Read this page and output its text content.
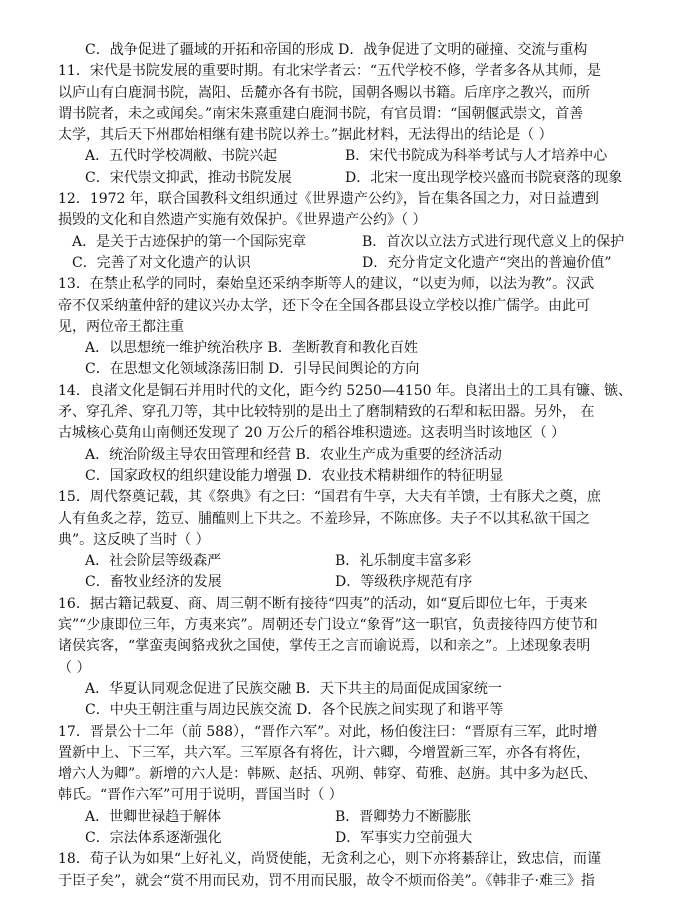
C．战争促进了疆域的开拓和帝国的形成 D．战争促进了文明的碰撞、交流与重构
11．宋代是书院发展的重要时期。有北宋学者云：“五代学校不修，学者多各从其师，是
以庐山有白鹿洞书院，嵩阳、岳麓亦各有书院，国朝各赐以书籍。后庠序之教兴，而所
谓书院者，未之或闻矣。”南宋朱熹重建白鹿洞书院，有官员谓：“国朝偃武崇文，首善
太学，其后天下州郡始相继有建书院以养士。”据此材料，无法得出的结论是（ ）
A．五代时学校凋敝、书院兴起	B．宋代书院成为科举考试与人才培养中心
C．宋代崇文抑武，推动书院发展	D．北宋一度出现学校兴盛而书院衰落的现象
12．1972 年，联合国教科文组织通过《世界遗产公约》，旨在集各国之力，对日益遭到
损毁的文化和自然遗产实施有效保护。《世界遗产公约》（ ）
A．是关于古迹保护的第一个国际宪章	B．首次以立法方式进行现代意义上的保护
C．完善了对文化遗产的认识	D．充分肯定文化遗产“突出的普遍价值”
13．在禁止私学的同时，秦始皇还采纳李斯等人的建议，“以吏为师，以法为教”。汉武
帝不仅采纳董仲舒的建议兴办太学，还下令在全国各郡县设立学校以推广儒学。由此可
见，两位帝王都注重
A．以思想统一维护统治秩序 B．垄断教育和教化百姓
C．在思想文化领域涤荡旧制 D．引导民间舆论的方向
14．良渚文化是铜石并用时代的文化，距今约 5250—4150 年。良渚出土的工具有镰、镞、
矛、穿孔斧、穿孔刀等，其中比较特别的是出土了磨制精致的石犁和耘田器。另外， 在
古城核心莫角山南侧还发现了 20 万公斤的稻谷堆积遗迹。这表明当时该地区（ ）
A．统治阶级主导农田管理和经营 B．农业生产成为重要的经济活动
C．国家政权的组织建设能力增强 D．农业技术精耕细作的特征明显
15．周代祭奠记载，其《祭典》有之曰：“国君有牛享，大夫有羊馈，士有豚犬之奠，庶
人有鱼炙之荐，笾豆、脯醢则上下共之。不羞珍异，不陈庶侈。夫子不以其私欲干国之
典”。这反映了当时（ ）
A．社会阶层等级森严	B．礼乐制度丰富多彩
C．畜牧业经济的发展	D．等级秩序规范有序
16．据古籍记载夏、商、周三朝不断有接待“四夷”的活动，如“夏后即位七年，于夷来
宾”“少康即位三年，方夷来宾”。周朝还专门设立“象胥”这一职官，负责接待四方使节和
诸侯宾客，“掌蛮夷闽貉戎狄之国使，掌传王之言而谕说焉，以和亲之”。上述现象表明
（ ）
A．华夏认同观念促进了民族交融 B．天下共主的局面促成国家统一
C．中央王朝注重与周边民族交流 D．各个民族之间实现了和谐平等
17．晋景公十二年（前 588），“晋作六军”。对此，杨伯俊注曰：“晋原有三军，此时增
置新中上、下三军，共六军。三军原各有将佐，计六卿，今增置新三军，亦各有将佐，
增六人为卿”。新增的六人是：韩厥、赵括、巩朔、韩穿、荀雅、赵旃。其中多为赵氏、
韩氏。“晋作六军”可用于说明，晋国当时（ ）
A．世卿世禄趋于解体	B．晋卿势力不断膨胀
C．宗法体系逐渐强化	D．军事实力空前强大
18．荀子认为如果“上好礼义，尚贤使能，无贪利之心，则下亦将綦辞让，致忠信，而谨
于臣子矣”，就会“赏不用而民劝，罚不用而民服，故令不烦而俗美”。《韩非子·难三》指
